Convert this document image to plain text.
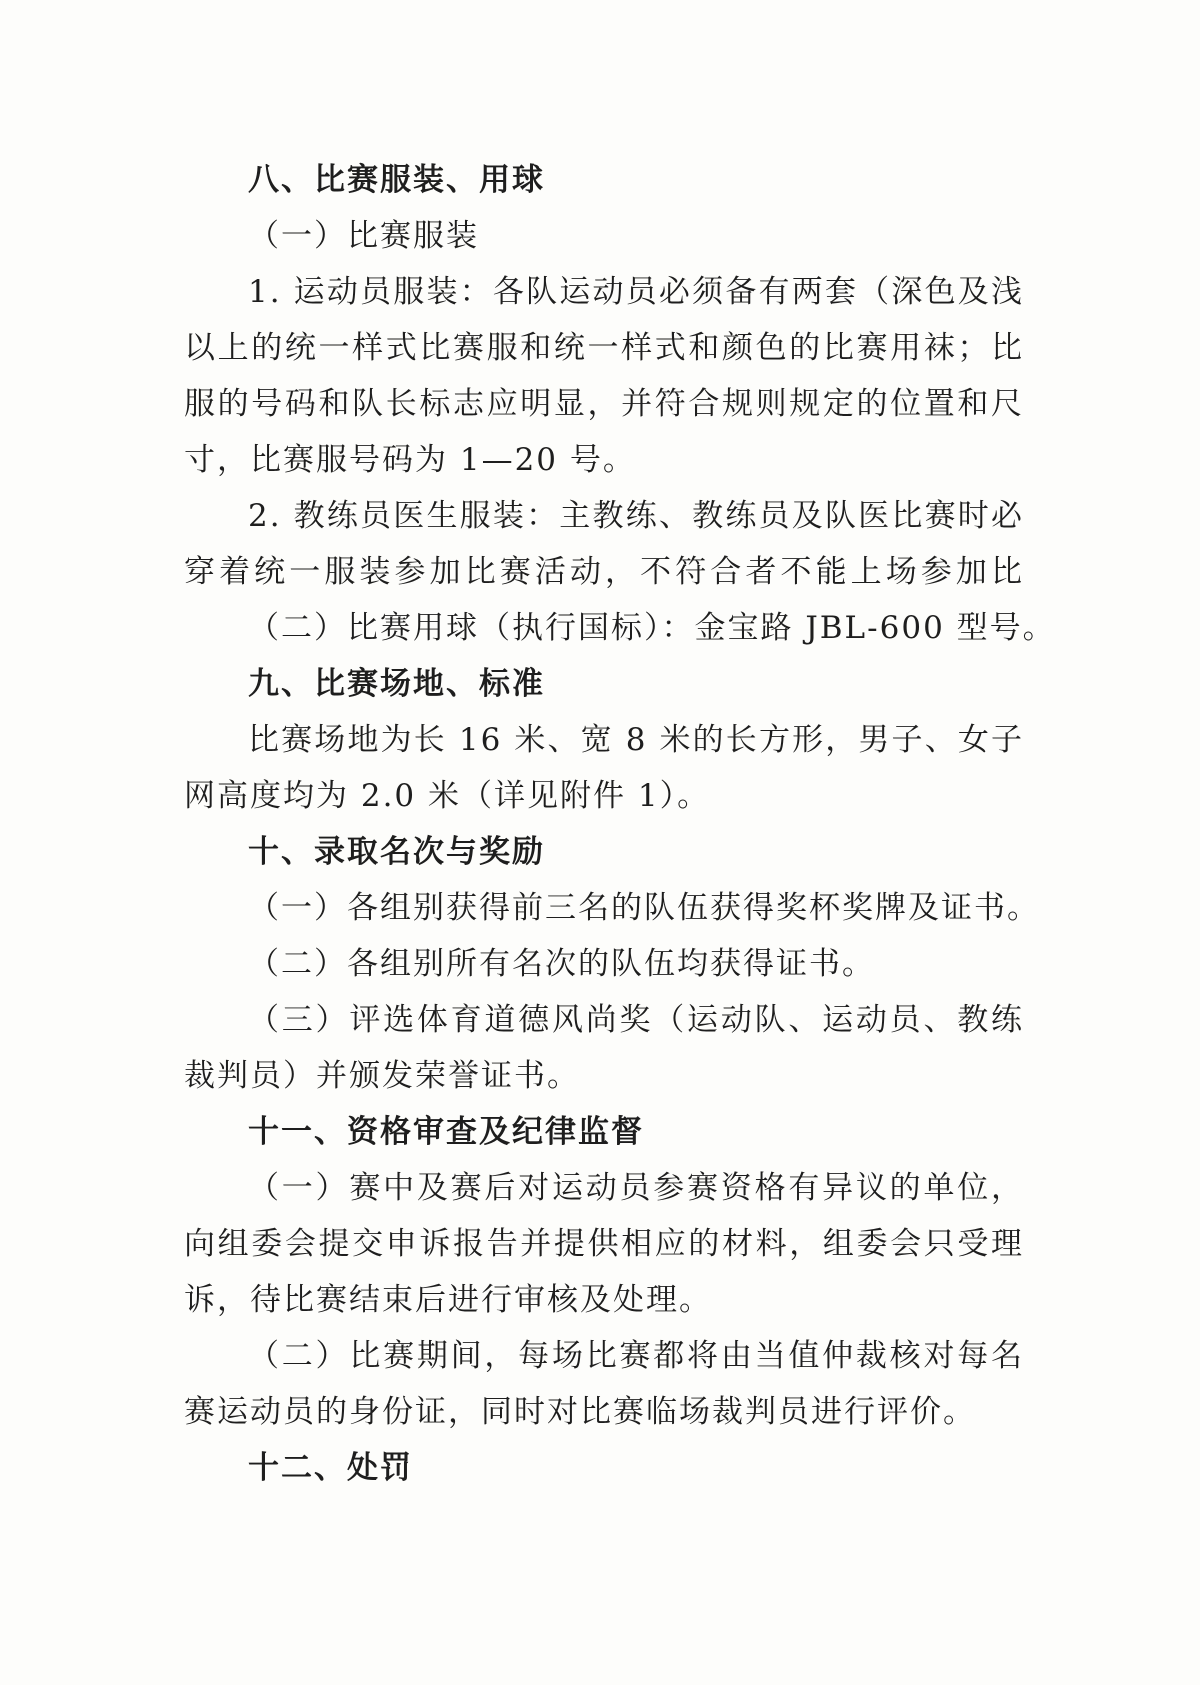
八、比赛服装、用球
（一）比赛服装
1. 运动员服装：各队运动员必须备有两套（深色及浅
以上的统一样式比赛服和统一样式和颜色的比赛用袜；比
服的号码和队长标志应明显，并符合规则规定的位置和尺
寸，比赛服号码为 1—20 号。
2. 教练员医生服装：主教练、教练员及队医比赛时必
穿着统一服装参加比赛活动，不符合者不能上场参加比
（二）比赛用球（执行国标）：金宝路 JBL-600 型号。
九、比赛场地、标准
比赛场地为长 16 米、宽 8 米的长方形，男子、女子
网高度均为 2.0 米（详见附件 1）。
十、录取名次与奖励
（一）各组别获得前三名的队伍获得奖杯奖牌及证书。
（二）各组别所有名次的队伍均获得证书。
（三）评选体育道德风尚奖（运动队、运动员、教练
裁判员）并颁发荣誉证书。
十一、资格审查及纪律监督
（一）赛中及赛后对运动员参赛资格有异议的单位，
向组委会提交申诉报告并提供相应的材料，组委会只受理
诉，待比赛结束后进行审核及处理。
（二）比赛期间，每场比赛都将由当值仲裁核对每名
赛运动员的身份证，同时对比赛临场裁判员进行评价。
十二、处罚
